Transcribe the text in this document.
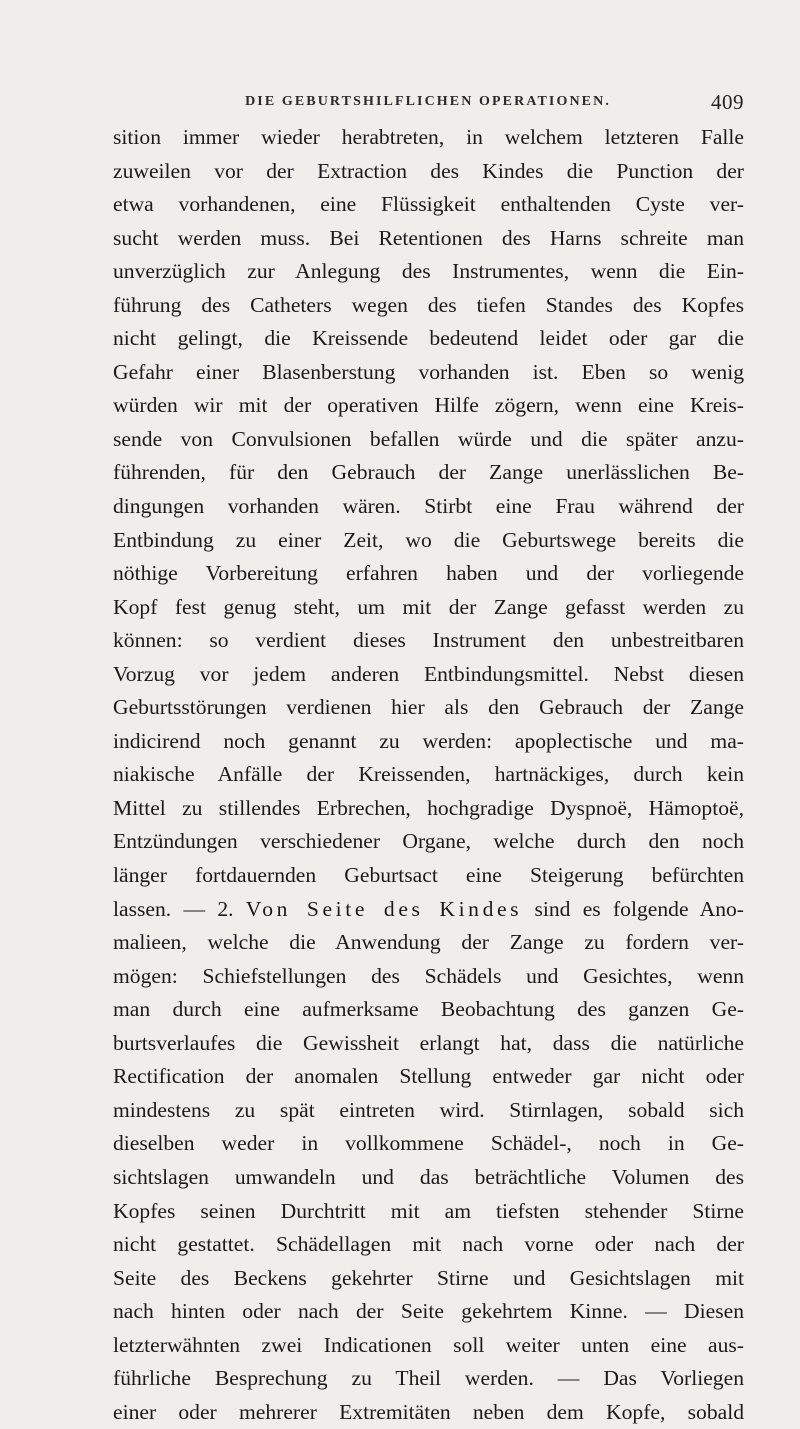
DIE GEBURTSHILFLICHEN OPERATIONEN.	409
sition immer wieder herabtreten, in welchem letzteren Falle
zuweilen vor der Extraction des Kindes die Punction der
etwa vorhandenen, eine Flüssigkeit enthaltenden Cyste ver-
sucht werden muss. Bei Retentionen des Harns schreite man
unverzüglich zur Anlegung des Instrumentes, wenn die Ein-
führung des Catheters wegen des tiefen Standes des Kopfes
nicht gelingt, die Kreissende bedeutend leidet oder gar die
Gefahr einer Blasenberstung vorhanden ist. Eben so wenig
würden wir mit der operativen Hilfe zögern, wenn eine Kreis-
sende von Convulsionen befallen würde und die später anzu-
führenden, für den Gebrauch der Zange unerlässlichen Be-
dingungen vorhanden wären. Stirbt eine Frau während der
Entbindung zu einer Zeit, wo die Geburtswege bereits die
nöthige Vorbereitung erfahren haben und der vorliegende
Kopf fest genug steht, um mit der Zange gefasst werden zu
können: so verdient dieses Instrument den unbestreitbaren
Vorzug vor jedem anderen Entbindungsmittel. Nebst diesen
Geburtsstörungen verdienen hier als den Gebrauch der Zange
indicirend noch genannt zu werden: apoplectische und ma-
niakische Anfälle der Kreissenden, hartnäckiges, durch kein
Mittel zu stillendes Erbrechen, hochgradige Dyspnoë, Hämoptoë,
Entzündungen verschiedener Organe, welche durch den noch
länger fortdauernden Geburtsact eine Steigerung befürchten
lassen. — 2. Von Seite des Kindes sind es folgende Ano-
malieen, welche die Anwendung der Zange zu fordern ver-
mögen: Schiefstellungen des Schädels und Gesichtes, wenn
man durch eine aufmerksame Beobachtung des ganzen Ge-
burtsverlaufes die Gewissheit erlangt hat, dass die natürliche
Rectification der anomalen Stellung entweder gar nicht oder
mindestens zu spät eintreten wird. Stirnlagen, sobald sich
dieselben weder in vollkommene Schädel-, noch in Ge-
sichtslagen umwandeln und das beträchtliche Volumen des
Kopfes seinen Durchtritt mit am tiefsten stehender Stirne
nicht gestattet. Schädellagen mit nach vorne oder nach der
Seite des Beckens gekehrter Stirne und Gesichtslagen mit
nach hinten oder nach der Seite gekehrtem Kinne. — Diesen
letzterwähnten zwei Indicationen soll weiter unten eine aus-
führliche Besprechung zu Theil werden. — Das Vorliegen
einer oder mehrerer Extremitäten neben dem Kopfe, sobald
